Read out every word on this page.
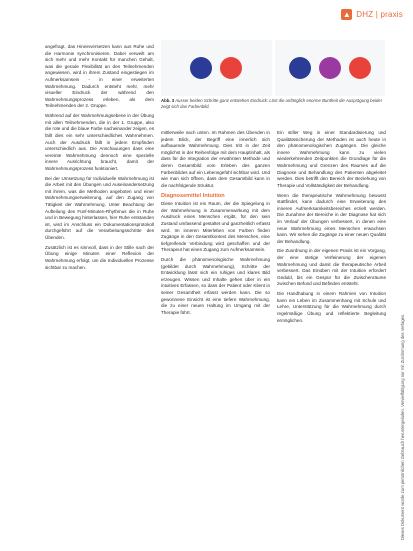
▲ DHZ | praxis

angefragt, das Hineinversetzen kann aus Ruhe und die Harmonie synchronisieren. Dabei verweilt am sich mehr und mehr Kontakt für manchen Gehalt, was die gerade Flexibilität an den Teilnehmenden angewiesen, wird in ihrem Zustand eingestiegen im Aufmerksamsein - in einer erweiterten Wahrnehmung. Dadurch entsteht mehr, mehr visueller Eindruck der während den Wahrnehmungsprozess erleben, als dem Teilnehmenden der 2. Gruppe.

Während auf der Wahrnehmungsebene in der Übung mit allen Teilnehmenden, die in der 1. Gruppe, also die rote und die blaue Farbe nacheinander zeigen, es fällt dies ein sehr unterschiedliches Wahrnehmen. Auch der Ausdruck fällt in jedem Empfinden unterschiedlich aus. Die Anschauungen dass eine vereinte Wahrnehmung dennoch eine spezielle innere Ausrichtung braucht, damit der Wahrnehmungsprozess funktioniert.

Bei der Umsetzung für Individuelle Wahrnehmung ist die Arbeit mit den Übungen und Auseinandersetzung mit ihrem, was die Methoden angeboten und einer Wahrnehmungserweiterung, auf den Zugang von Tätigkeit der Wahrnehmung. Unter Beachtung der Aufteilung des Fünf-Minuten-Rhythmus die in Ruhe und in Bewegung hinterlassen, hier Ruhe entstanden ist, wird im Anschluss ein Dokumentationsprotokoll durchgeführt auf die Verarbeitungsschritte des Übenden.

Zusätzlich ist es sinnvoll, dass in der Stille nach der Übung einige Minuten einer Reflexion der Wahrnehmung erfolgt, um die Individuellen Prozesse sichtbar zu machen.

Abb. 3 Ausser beiden Schritte ganz entstehen Eindruck: Löst die anfänglich enorme Buntheit die Ausprägung beider zeigt sich das Farbenbild.

mittlerweile nach unten. Im Rahmen des Übenden in jedem Blick, der Begriff eine innerlich sich aufbauende Wahrnehmung. Dies tritt in der Zeit möglichst in der Reihenfolge mit dem Hauptinhalt, als dass für die Integration der erwähnten Methode und deren Gesamtbild vom Erleben des ganzen Farbenbildes auf ein Lebensgefühl sichtbar wird. Und wie man sich öffnen, dass dem Gesamtbild kann in die nachfolgende Struktur.

Diagnosemittel Intuition

Diese Intuition ist ein Raum, der die Spiegelung in der Wahrnehmung in Zusammenwirkung mit dem Ausdruck eines Menschen ergibt, für den sein Zustand umfassend gestaltet und ganzheitlich erfasst wird. Im inneren Miterleben von Farben finden Zugänge in den Gesamtkontext des Menschen, eine tiefgreifende Verbindung wird geschaffen und der Therapeut hat einen Zugang zum Aufmerksamsein.

Durch die phänomenologische Wahrnehmung (gebildet durch Wahrnehmung), Schritte der Entwicklung lässt sich ein ruhiges und klares Bild erzeugen. Wissen und Inhalte gehen über in ein intuitives Erfassen, so dass der Patient oder Klient in seiner Gesamtheit erfasst werden kann. Die so gewonnene Einsicht ist eine tiefere Wahrnehmung, die zu einer neuen Haltung im Umgang mit der Therapie führt.

Ein stiller Weg in einer Standardisierung und Qualitätssicherung der Methoden ist auch heute in den phänomenologischen Zugängen. Die gleiche innere Wahrnehmung kann zu vielen wiederkehrenden Zeitpunkten die Grundlage für die Wahrnehmung und Grenzen des Raumes auf die Diagnose und Behandlung des Patienten abgeleitet werden. Dies betrifft den Bereich der Beziehung von Therapie und Vollständigkeit der Behandlung.

Wenn die therapeutische Wahrnehmung bewusst stattfindet, kann dadurch eine Erweiterung des inneren Aufmerksamkeitsbereiches erzielt werden. Die Zunahme der Bereiche in der Diagnose hat sich im Verlauf der Übungen verbessert, in denen eine neue Wahrnehmung eines Menschen erwachsen kann. Wir sehen die Zugänge zu einer neuen Qualität der Behandlung.

Die Zuordnung in der eigenen Praxis ist ein Vorgang, der eine stetige Verfeinerung der eigenen Wahrnehmung und damit die therapeutische Arbeit verbessert. Das Einüben mit der Intuition erfordert Geduld, bis ein Gespür für die Zwischenräume zwischen Befund und Befinden entsteht.

Die Handhabung in einem Rahmen von Intuition kann ein Leben im Zusammenhang mit Schule und Lehre, Unterstützung für die Wahrnehmung durch regelmäßige Übung und reflektierte Begleitung ermöglichen.	Dieses Dokument wurde zum persönlichen Gebrauch heruntergeladen. Vervielfältigung nur mit Zustimmung des Verlages.
